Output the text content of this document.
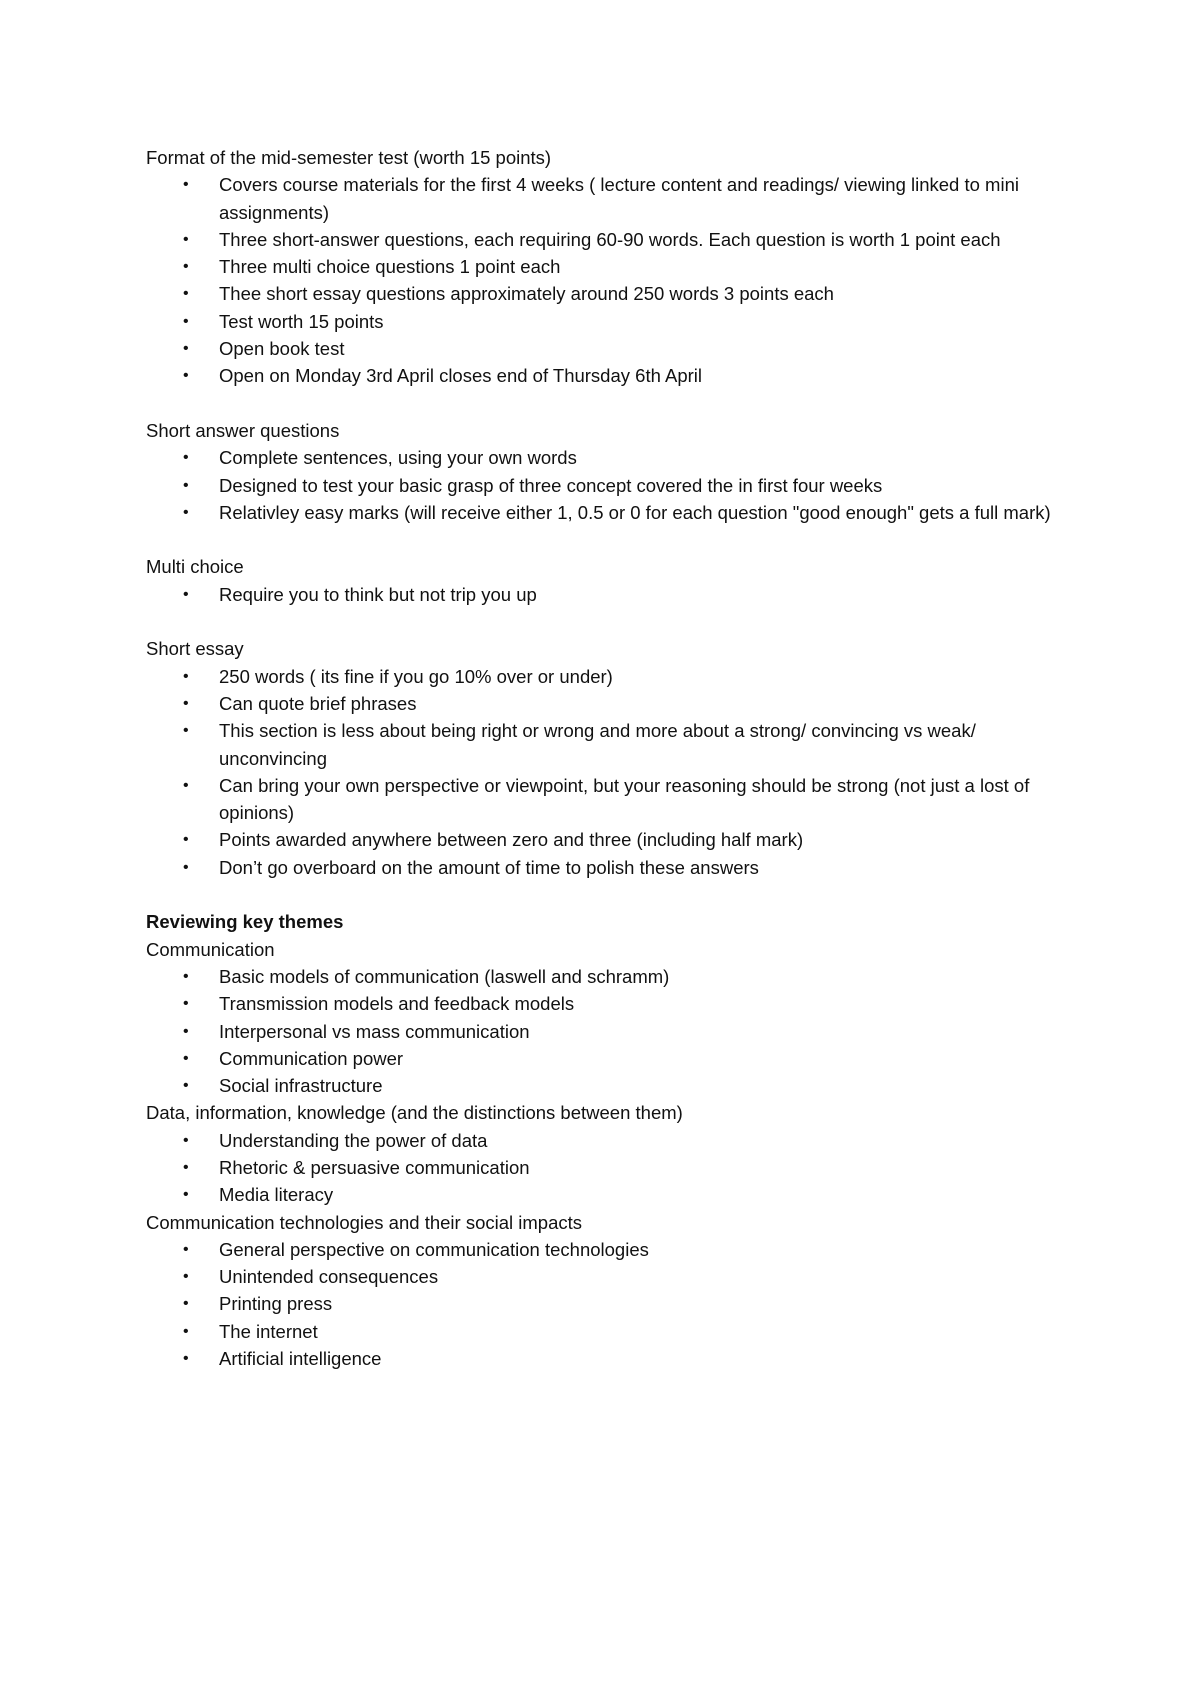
Format of the mid-semester test (worth 15 points)

• Covers course materials for the first 4 weeks ( lecture content and readings/ viewing linked to mini assignments)
• Three short-answer questions, each requiring 60-90 words. Each question is worth 1 point each
• Three multi choice questions 1 point each
• Thee short essay questions approximately around 250 words 3 points each
• Test worth 15 points
• Open book test
• Open on Monday 3rd April closes end of Thursday 6th April

Short answer questions

• Complete sentences, using your own words
• Designed to test your basic grasp of three concept covered the in first four weeks
• Relativley easy marks (will receive either 1, 0.5 or 0 for each question "good enough" gets a full mark)

Multi choice

• Require you to think but not trip you up

Short essay

• 250 words ( its fine if you go 10% over or under)
• Can quote brief phrases
• This section is less about being right or wrong and more about a strong/ convincing vs weak/ unconvincing
• Can bring your own perspective or viewpoint, but your reasoning should be strong (not just a lost of opinions)
• Points awarded anywhere between zero and three (including half mark)
• Don’t go overboard on the amount of time to polish these answers

Reviewing key themes

Communication

• Basic models of communication (laswell and schramm)
• Transmission models and feedback models
• Interpersonal vs mass communication
• Communication power
• Social infrastructure

Data, information, knowledge (and the distinctions between them)

• Understanding the power of data
• Rhetoric & persuasive communication
• Media literacy

Communication technologies and their social impacts

• General perspective on communication technologies
• Unintended consequences
• Printing press
• The internet
• Artificial intelligence
